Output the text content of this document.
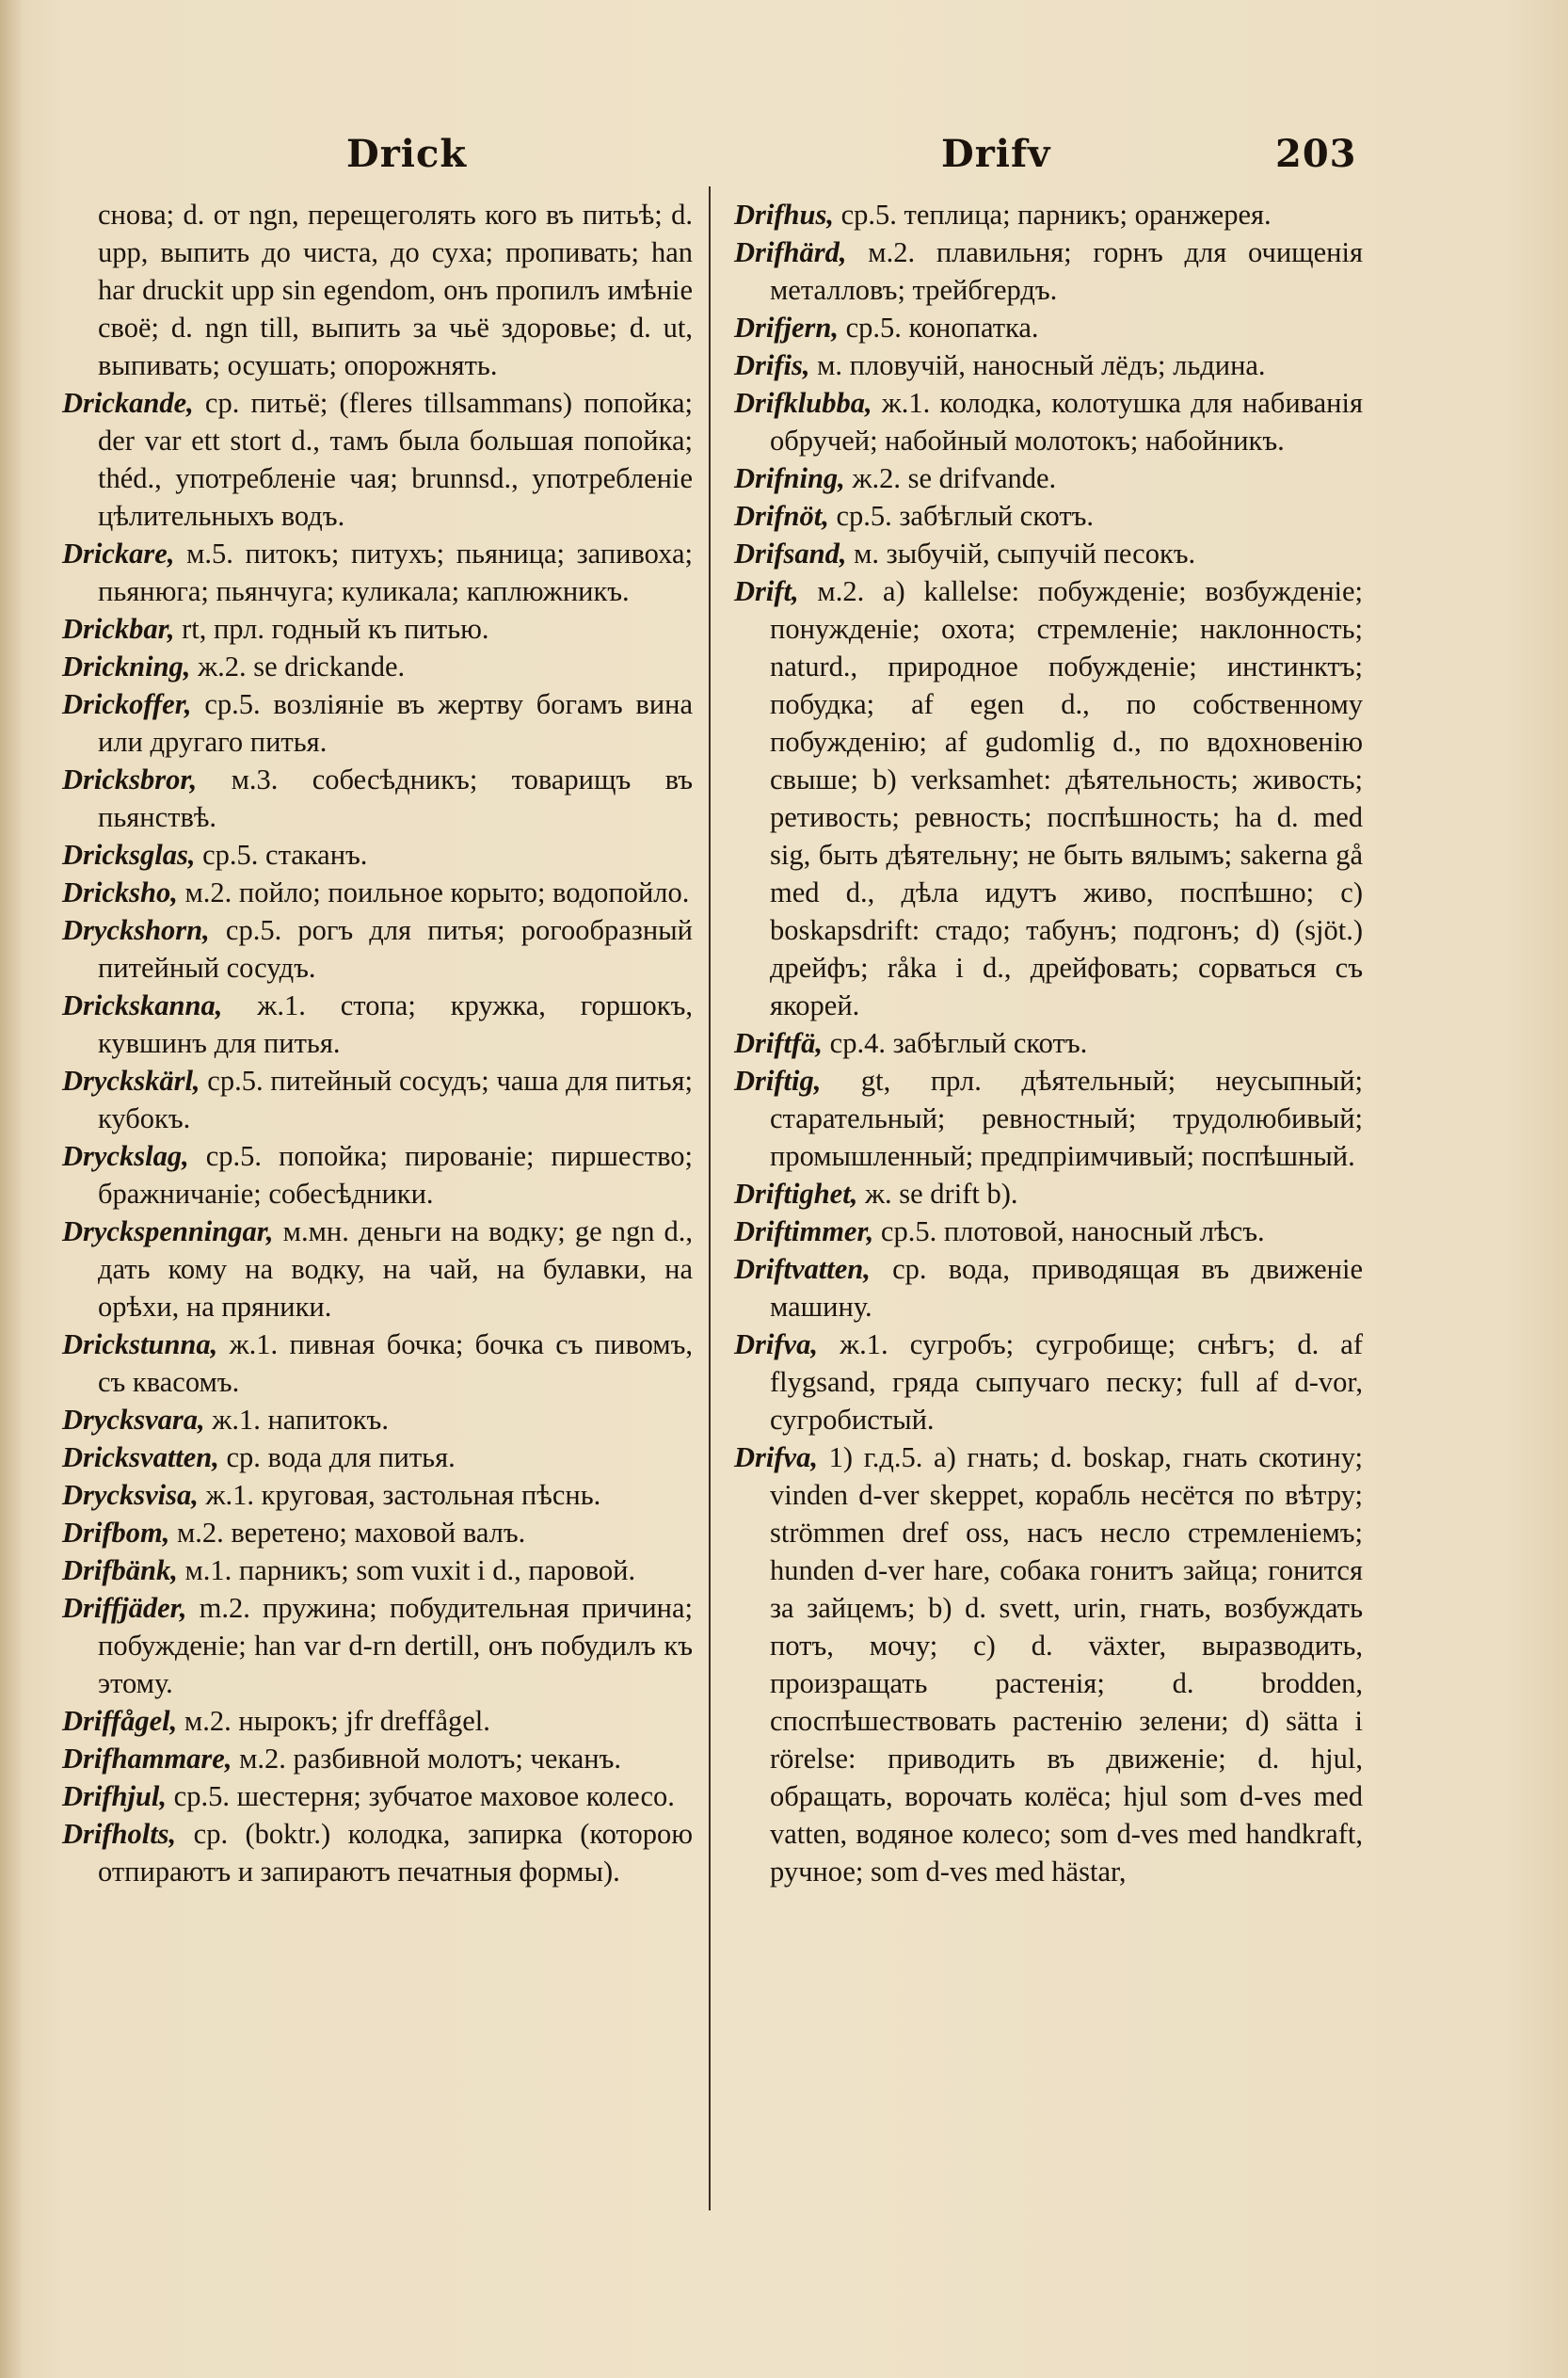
Drick	Drifv	203

снова; d. от ngn, перещеголять кого въ питьѣ; d. upp, выпить до чиста, до суха; пропивать; han har druckit upp sin egendom, онъ пропилъ имѣніе своё; d. ngn till, выпить за чьё здоровье; d. ut, выпивать; осушать; опорожнять.

Drickande, ср. питьё; (fleres tillsammans) попойка; der var ett stort d., тамъ была большая попойка; théd., употребленіе чая; brunnsd., употребленіе цѣлительныхъ водъ.

Drickare, м.5. питокъ; питухъ; пьяница; запивоха; пьянюга; пьянчуга; куликала; каплюжникъ.

Drickbar, rt, прл. годный къ питью.

Drickning, ж.2. se drickande.

Drickoffer, ср.5. возліяніе въ жертву богамъ вина или другаго питья.

Dricksbror, м.3. собесѣдникъ; товарищъ въ пьянствѣ.

Dricksglas, ср.5. стаканъ.

Dricksho, м.2. пойло; поильное корыто; водопойло.

Dryckshorn, ср.5. рогъ для питья; рогообразный питейный сосудъ.

Drickskanna, ж.1. стопа; кружка, горшокъ, кувшинъ для питья.

Dryckskärl, ср.5. питейный сосудъ; чаша для питья; кубокъ.

Dryckslag, ср.5. попойка; пированіе; пиршество; бражничаніе; собесѣдники.

Dryckspenningar, м.мн. деньги на водку; ge ngn d., дать кому на водку, на чай, на булавки, на орѣхи, на пряники.

Drickstunna, ж.1. пивная бочка; бочка съ пивомъ, съ квасомъ.

Drycksvara, ж.1. напитокъ.

Dricksvatten, ср. вода для питья.

Drycksvisa, ж.1. круговая, застольная пѣснь.

Drifbom, м.2. веретено; маховой валъ.

Drifbänk, м.1. парникъ; som vuxit i d., паровой.

Driffjäder, m.2. пружина; побудительная причина; побужденіе; han var d-rn dertill, онъ побудилъ къ этому.

Driffågel, м.2. нырокъ; jfr dreffågel.

Drifhammare, м.2. разбивной молотъ; чеканъ.

Drifhjul, ср.5. шестерня; зубчатое маховое колесо.

Drifholts, ср. (boktr.) колодка, запирка (которою отпираютъ и запираютъ печатныя формы).

Drifhus, ср.5. теплица; парникъ; оранжерея.

Drifhärd, м.2. плавильня; горнъ для очищенія металловъ; трейбгердъ.

Drifjern, ср.5. конопатка.

Drifis, м. пловучій, наносный лёдъ; льдина.

Drifklubba, ж.1. колодка, колотушка для набиванія обручей; набойный молотокъ; набойникъ.

Drifning, ж.2. se drifvande.

Drifnöt, ср.5. забѣглый скотъ.

Drifsand, м. зыбучій, сыпучій песокъ.

Drift, м.2. a) kallelse: побужденіе; возбужденіе; понужденіе; охота; стремленіе; наклонность; naturd., природное побужденіе; инстинктъ; побудка; af egen d., по собственному побужденію; af gudomlig d., по вдохновенію свыше; b) verksamhet: дѣятельность; живость; ретивость; ревность; поспѣшность; ha d. med sig, быть дѣятельну; не быть вялымъ; sakerna gå med d., дѣла идутъ живо, поспѣшно; c) boskapsdrift: стадо; табунъ; подгонъ; d) (sjöt.) дрейфъ; råka i d., дрейфовать; сорваться съ якорей.

Driftfä, ср.4. забѣглый скотъ.

Driftig, gt, прл. дѣятельный; неусыпный; старательный; ревностный; трудолюбивый; промышленный; предпріимчивый; поспѣшный.

Driftighet, ж. se drift b).

Driftimmer, ср.5. плотовой, наносный лѣсъ.

Driftvatten, ср. вода, приводящая въ движеніе машину.

Drifva, ж.1. сугробъ; сугробище; снѣгъ; d. af flygsand, гряда сыпучаго песку; full af d-vor, сугробистый.

Drifva, 1) г.д.5. a) гнать; d. boskap, гнать скотину; vinden d-ver skeppet, корабль несётся по вѣтру; strömmen dref oss, насъ несло стремленіемъ; hunden d-ver hare, собака гонитъ зайца; гонится за зайцемъ; b) d. svett, urin, гнать, возбуждать потъ, мочу; c) d. växter, выразводить, произращать растенія; d. brodden, споспѣшествовать растенію зелени; d) sätta i rörelse: приводить въ движеніе; d. hjul, обращать, ворочать колёса; hjul som d-ves med vatten, водяное колесо; som d-ves med handkraft, ручное; som d-ves med hästar,
